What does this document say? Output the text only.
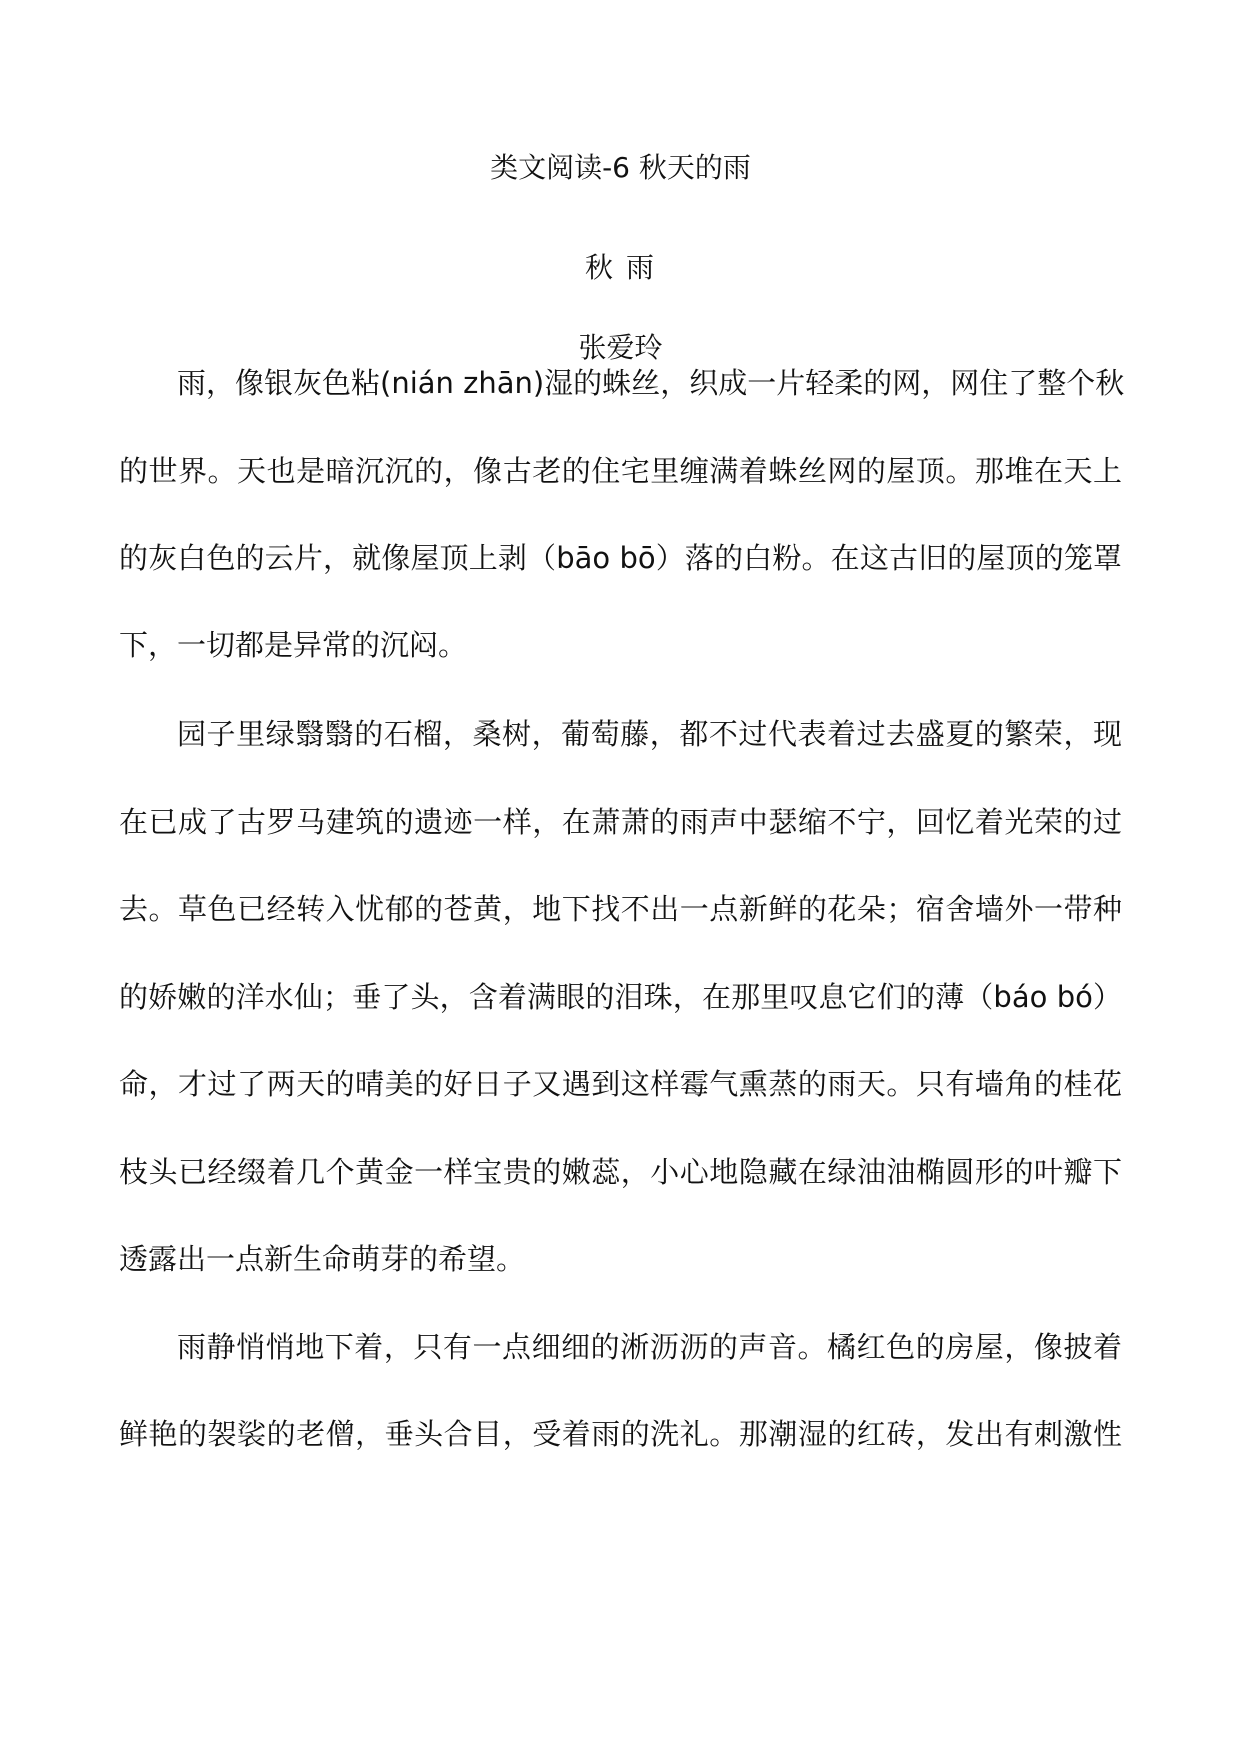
类文阅读-6 秋天的雨
秋 雨
张爱玲
雨，像银灰色粘(nián zhān)湿的蛛丝，织成一片轻柔的网，网住了整个秋
的世界。天也是暗沉沉的，像古老的住宅里缠满着蛛丝网的屋顶。那堆在天上
的灰白色的云片，就像屋顶上剥（bāo bō）落的白粉。在这古旧的屋顶的笼罩
下，一切都是异常的沉闷。
园子里绿翳翳的石榴，桑树，葡萄藤，都不过代表着过去盛夏的繁荣，现
在已成了古罗马建筑的遗迹一样，在萧萧的雨声中瑟缩不宁，回忆着光荣的过
去。草色已经转入忧郁的苍黄，地下找不出一点新鲜的花朵；宿舍墙外一带种
的娇嫩的洋水仙；垂了头，含着满眼的泪珠，在那里叹息它们的薄（báo bó）
命，才过了两天的晴美的好日子又遇到这样霉气熏蒸的雨天。只有墙角的桂花
枝头已经缀着几个黄金一样宝贵的嫩蕊，小心地隐藏在绿油油椭圆形的叶瓣下
透露出一点新生命萌芽的希望。
雨静悄悄地下着，只有一点细细的淅沥沥的声音。橘红色的房屋，像披着
鲜艳的袈裟的老僧，垂头合目，受着雨的洗礼。那潮湿的红砖，发出有刺激性
